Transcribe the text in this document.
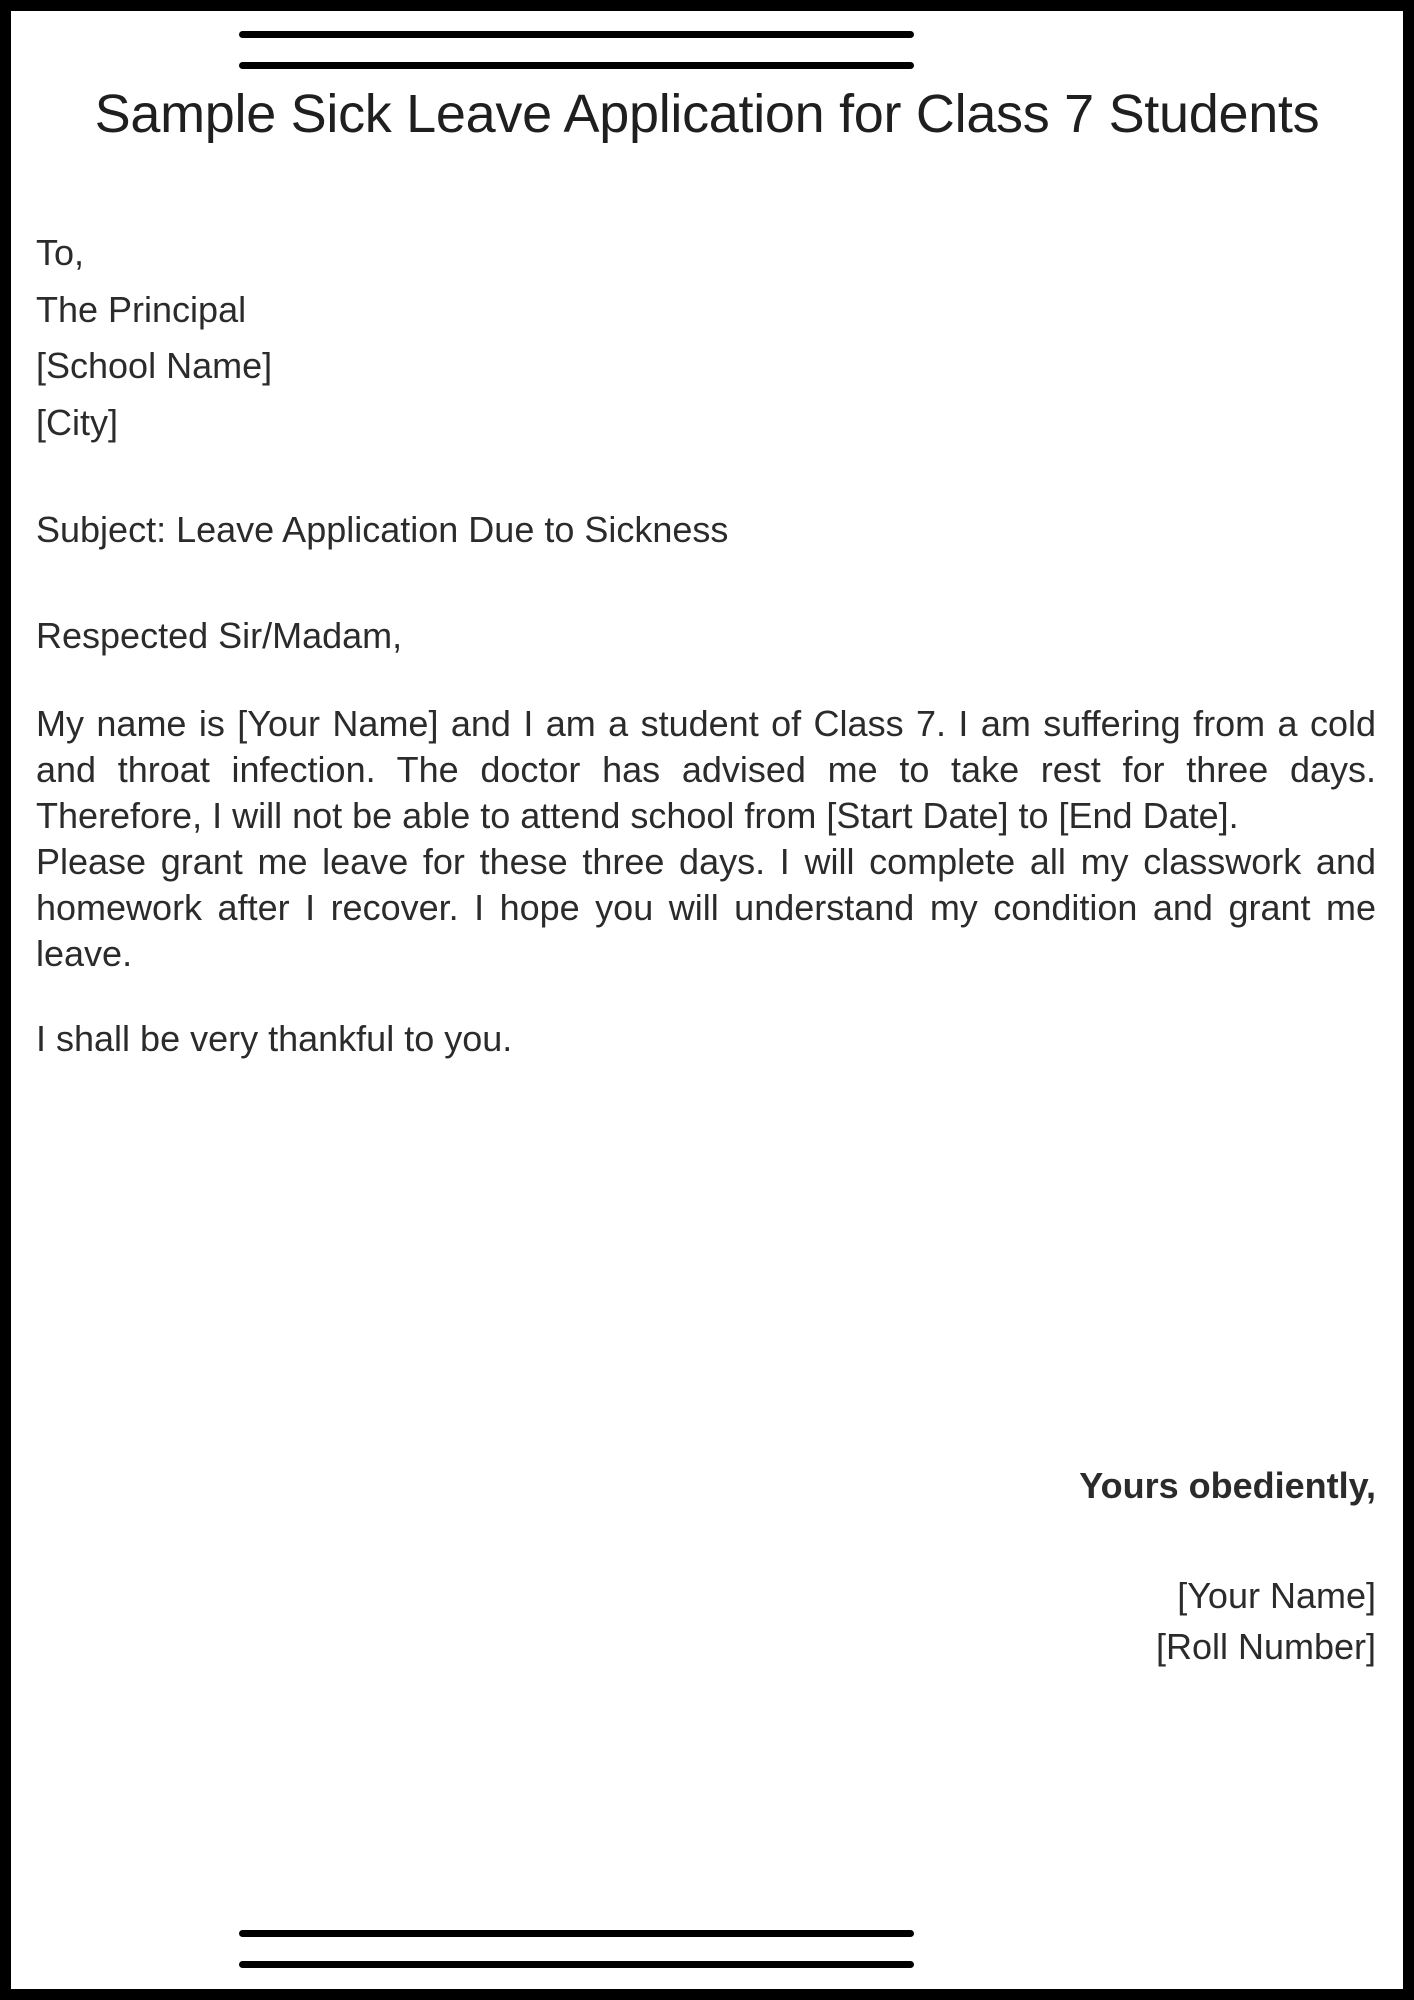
Sample Sick Leave Application for Class 7 Students
To,
The Principal
[School Name]
[City]
Subject: Leave Application Due to Sickness
Respected Sir/Madam,

My name is [Your Name] and I am a student of Class 7. I am suffering from a cold and throat infection. The doctor has advised me to take rest for three days. Therefore, I will not be able to attend school from [Start Date] to [End Date].

Please grant me leave for these three days. I will complete all my classwork and homework after I recover. I hope you will understand my condition and grant me leave.

I shall be very thankful to you.
Yours obediently,
[Your Name]
[Roll Number]
